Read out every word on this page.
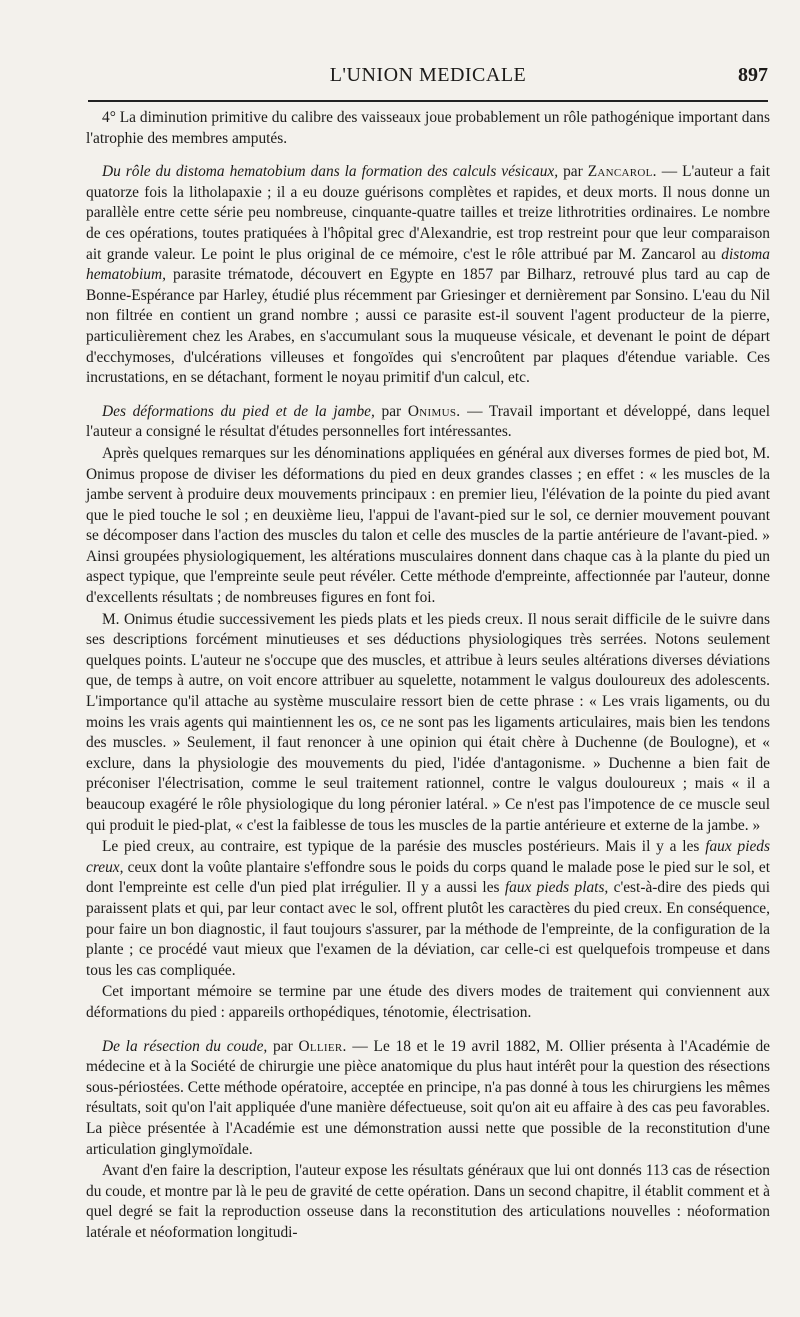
L'UNION MEDICALE	897

4° La diminution primitive du calibre des vaisseaux joue probablement un rôle pathogénique important dans l'atrophie des membres amputés.

Du rôle du distoma hematobium dans la formation des calculs vésicaux, par Zancarol. — L'auteur a fait quatorze fois la litholapaxie ; il a eu douze guérisons complètes et rapides, et deux morts. Il nous donne un parallèle entre cette série peu nombreuse, cinquante-quatre tailles et treize lithrotrities ordinaires. Le nombre de ces opérations, toutes pratiquées à l'hôpital grec d'Alexandrie, est trop restreint pour que leur comparaison ait grande valeur. Le point le plus original de ce mémoire, c'est le rôle attribué par M. Zancarol au distoma hematobium, parasite trématode, découvert en Egypte en 1857 par Bilharz, retrouvé plus tard au cap de Bonne-Espérance par Harley, étudié plus récemment par Griesinger et dernièrement par Sonsino. L'eau du Nil non filtrée en contient un grand nombre ; aussi ce parasite est-il souvent l'agent producteur de la pierre, particulièrement chez les Arabes, en s'accumulant sous la muqueuse vésicale, et devenant le point de départ d'ecchymoses, d'ulcérations villeuses et fongoïdes qui s'encroûtent par plaques d'étendue variable. Ces incrustations, en se détachant, forment le noyau primitif d'un calcul, etc.

Des déformations du pied et de la jambe, par Onimus. — Travail important et développé, dans lequel l'auteur a consigné le résultat d'études personnelles fort intéressantes.

Après quelques remarques sur les dénominations appliquées en général aux diverses formes de pied bot, M. Onimus propose de diviser les déformations du pied en deux grandes classes ; en effet : « les muscles de la jambe servent à produire deux mouvements principaux : en premier lieu, l'élévation de la pointe du pied avant que le pied touche le sol ; en deuxième lieu, l'appui de l'avant-pied sur le sol, ce dernier mouvement pouvant se décomposer dans l'action des muscles du talon et celle des muscles de la partie antérieure de l'avant-pied. » Ainsi groupées physiologiquement, les altérations musculaires donnent dans chaque cas à la plante du pied un aspect typique, que l'empreinte seule peut révéler. Cette méthode d'empreinte, affectionnée par l'auteur, donne d'excellents résultats ; de nombreuses figures en font foi.

M. Onimus étudie successivement les pieds plats et les pieds creux. Il nous serait difficile de le suivre dans ses descriptions forcément minutieuses et ses déductions physiologiques très serrées. Notons seulement quelques points. L'auteur ne s'occupe que des muscles, et attribue à leurs seules altérations diverses déviations que, de temps à autre, on voit encore attribuer au squelette, notamment le valgus douloureux des adolescents. L'importance qu'il attache au système musculaire ressort bien de cette phrase : « Les vrais ligaments, ou du moins les vrais agents qui maintiennent les os, ce ne sont pas les ligaments articulaires, mais bien les tendons des muscles. » Seulement, il faut renoncer à une opinion qui était chère à Duchenne (de Boulogne), et « exclure, dans la physiologie des mouvements du pied, l'idée d'antagonisme. » Duchenne a bien fait de préconiser l'électrisation, comme le seul traitement rationnel, contre le valgus douloureux ; mais « il a beaucoup exagéré le rôle physiologique du long péronier latéral. » Ce n'est pas l'impotence de ce muscle seul qui produit le pied-plat, « c'est la faiblesse de tous les muscles de la partie antérieure et externe de la jambe. »

Le pied creux, au contraire, est typique de la parésie des muscles postérieurs. Mais il y a les faux pieds creux, ceux dont la voûte plantaire s'effondre sous le poids du corps quand le malade pose le pied sur le sol, et dont l'empreinte est celle d'un pied plat irrégulier. Il y a aussi les faux pieds plats, c'est-à-dire des pieds qui paraissent plats et qui, par leur contact avec le sol, offrent plutôt les caractères du pied creux. En conséquence, pour faire un bon diagnostic, il faut toujours s'assurer, par la méthode de l'empreinte, de la configuration de la plante ; ce procédé vaut mieux que l'examen de la déviation, car celle-ci est quelquefois trompeuse et dans tous les cas compliquée.

Cet important mémoire se termine par une étude des divers modes de traitement qui conviennent aux déformations du pied : appareils orthopédiques, ténotomie, électrisation.

De la résection du coude, par Ollier. — Le 18 et le 19 avril 1882, M. Ollier présenta à l'Académie de médecine et à la Société de chirurgie une pièce anatomique du plus haut intérêt pour la question des résections sous-périostées. Cette méthode opératoire, acceptée en principe, n'a pas donné à tous les chirurgiens les mêmes résultats, soit qu'on l'ait appliquée d'une manière défectueuse, soit qu'on ait eu affaire à des cas peu favorables. La pièce présentée à l'Académie est une démonstration aussi nette que possible de la reconstitution d'une articulation ginglymoïdale.

Avant d'en faire la description, l'auteur expose les résultats généraux que lui ont donnés 113 cas de résection du coude, et montre par là le peu de gravité de cette opération. Dans un second chapitre, il établit comment et à quel degré se fait la reproduction osseuse dans la reconstitution des articulations nouvelles : néoformation latérale et néoformation longitudi-
